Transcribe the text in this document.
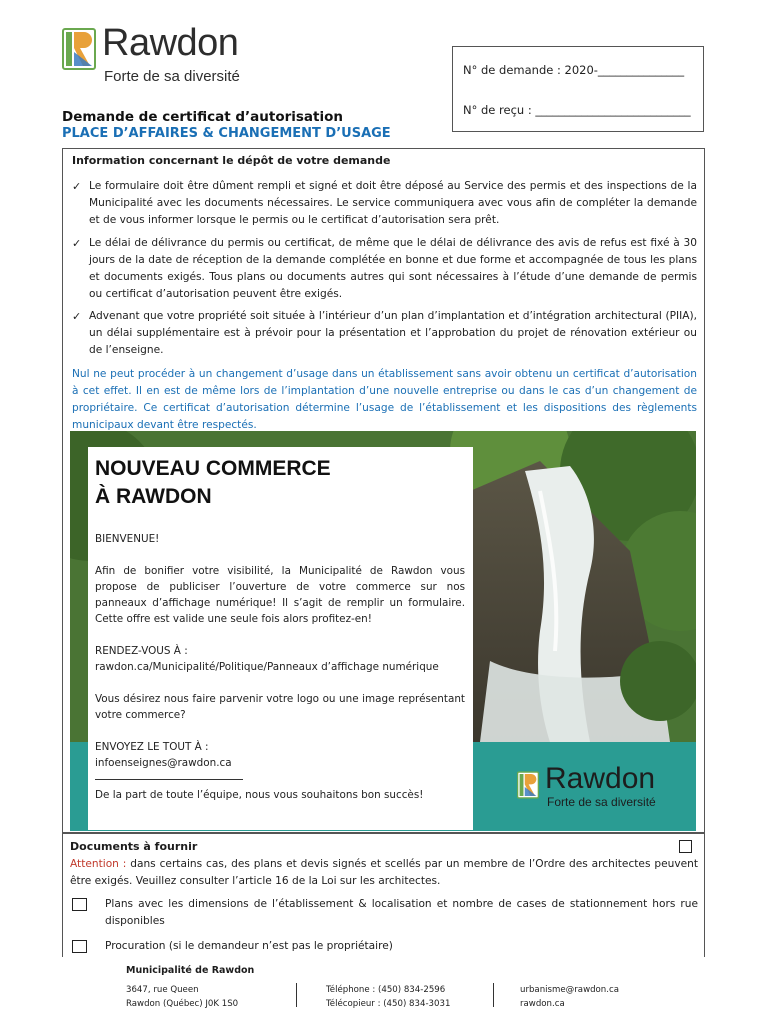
Rawdon
Forte de sa diversité	N° de demande : 2020-_______________
N° de reçu : ___________________________
Demande de certificat d’autorisation
PLACE D’AFFAIRES & CHANGEMENT D’USAGE
Information concernant le dépôt de votre demande
✓ Le formulaire doit être dûment rempli et signé et doit être déposé au Service des permis et des inspections de la Municipalité avec les documents nécessaires. Le service communiquera avec vous afin de compléter la demande et de vous informer lorsque le permis ou le certificat d’autorisation sera prêt.
✓ Le délai de délivrance du permis ou certificat, de même que le délai de délivrance des avis de refus est fixé à 30 jours de la date de réception de la demande complétée en bonne et due forme et accompagnée de tous les plans et documents exigés. Tous plans ou documents autres qui sont nécessaires à l’étude d’une demande de permis ou certificat d’autorisation peuvent être exigés.
✓ Advenant que votre propriété soit située à l’intérieur d’un plan d’implantation et d’intégration architectural (PIIA), un délai supplémentaire est à prévoir pour la présentation et l’approbation du projet de rénovation extérieur ou de l’enseigne.
Nul ne peut procéder à un changement d’usage dans un établissement sans avoir obtenu un certificat d’autorisation à cet effet. Il en est de même lors de l’implantation d’une nouvelle entreprise ou dans le cas d’un changement de propriétaire. Ce certificat d’autorisation détermine l’usage de l’établissement et les dispositions des règlements municipaux devant être respectés.
NOUVEAU COMMERCE
À RAWDON
BIENVENUE!
Afin de bonifier votre visibilité, la Municipalité de Rawdon vous propose de publiciser l’ouverture de votre commerce sur nos panneaux d’affichage numérique! Il s’agit de remplir un formulaire. Cette offre est valide une seule fois alors profitez-en!
RENDEZ-VOUS À :
rawdon.ca/Municipalité/Politique/Panneaux d’affichage numérique
Vous désirez nous faire parvenir votre logo ou une image représentant votre commerce?
ENVOYEZ LE TOUT À :
infoenseignes@rawdon.ca
De la part de toute l’équipe, nous vous souhaitons bon succès!	Rawdon
Forte de sa diversité
Documents à fournir
Attention : dans certains cas, des plans et devis signés et scellés par un membre de l’Ordre des architectes peuvent être exigés. Veuillez consulter l’article 16 de la Loi sur les architectes.
Plans avec les dimensions de l’établissement & localisation et nombre de cases de stationnement hors rue disponibles
Procuration (si le demandeur n’est pas le propriétaire)
Municipalité de Rawdon
3647, rue Queen
Rawdon (Québec) J0K 1S0
Téléphone : (450) 834-2596
Télécopieur : (450) 834-3031
urbanisme@rawdon.ca
rawdon.ca
